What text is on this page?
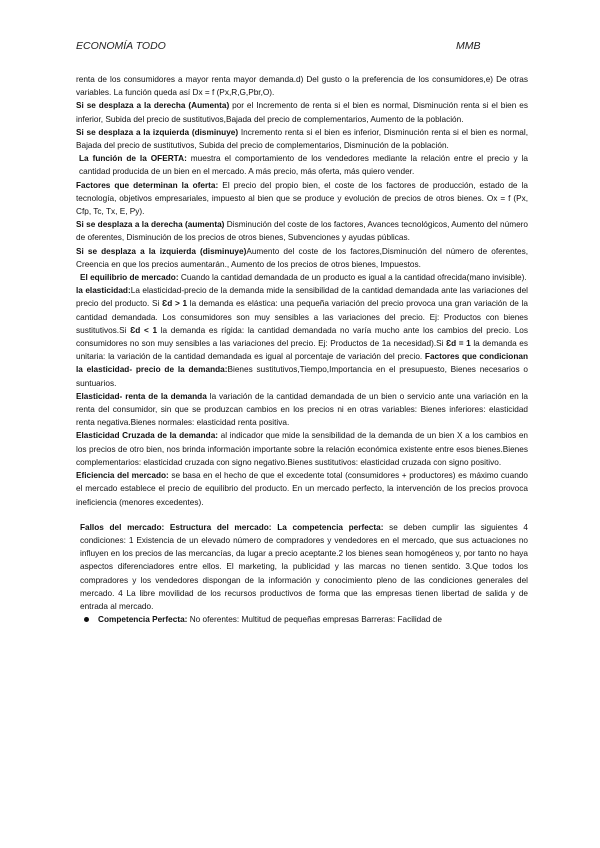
ECONOMÍA TODO	MMB

renta de los consumidores a mayor renta mayor demanda.d) Del gusto o la preferencia de los consumidores,e) De otras variables. La función queda así Dx = f (Px,R,G,Pbr,O).

Si se desplaza a la derecha (Aumenta) por el Incremento de renta si el bien es normal, Disminución renta si el bien es inferior, Subida del precio de sustitutivos,Bajada del precio de complementarios, Aumento de la población.

Si se desplaza a la izquierda (disminuye) Incremento renta si el bien es inferior, Disminución renta si el bien es normal, Bajada del precio de sustitutivos, Subida del precio de complementarios, Disminución de la población.

La función de la OFERTA: muestra el comportamiento de los vendedores mediante la relación entre el precio y la cantidad producida de un bien en el mercado. A más precio, más oferta, más quiero vender.

Factores que determinan la oferta: El precio del propio bien, el coste de los factores de producción, estado de la tecnología, objetivos empresariales, impuesto al bien que se produce y evolución de precios de otros bienes. Ox = f (Px, Cfp, Tc, Tx, E, Py).

Si se desplaza a la derecha (aumenta) Disminución del coste de los factores, Avances tecnológicos, Aumento del número de oferentes, Disminución de los precios de otros bienes, Subvenciones y ayudas públicas.

Si se desplaza a la izquierda (disminuye)Aumento del coste de los factores,Disminución del número de oferentes, Creencia en que los precios aumentarán., Aumento de los precios de otros bienes, Impuestos.

El equilibrio de mercado: Cuando la cantidad demandada de un producto es igual a la cantidad ofrecida(mano invisible).

la elasticidad:La elasticidad-precio de la demanda mide la sensibilidad de la cantidad demandada ante las variaciones del precio del producto. Si Ɛd > 1 la demanda es elástica: una pequeña variación del precio provoca una gran variación de la cantidad demandada. Los consumidores son muy sensibles a las variaciones del precio. Ej: Productos con bienes sustitutivos.Si Ɛd < 1 la demanda es rígida: la cantidad demandada no varía mucho ante los cambios del precio. Los consumidores no son muy sensibles a las variaciones del precio. Ej: Productos de 1a necesidad).Si Ɛd = 1 la demanda es unitaria: la variación de la cantidad demandada es igual al porcentaje de variación del precio. Factores que condicionan la elasticidad- precio de la demanda:Bienes sustitutivos,Tiempo,Importancia en el presupuesto, Bienes necesarios o suntuarios.

Elasticidad- renta de la demanda la variación de la cantidad demandada de un bien o servicio ante una variación en la renta del consumidor, sin que se produzcan cambios en los precios ni en otras variables: Bienes inferiores: elasticidad renta negativa.Bienes normales: elasticidad renta positiva.

Elasticidad Cruzada de la demanda: al indicador que mide la sensibilidad de la demanda de un bien X a los cambios en los precios de otro bien, nos brinda información importante sobre la relación económica existente entre esos bienes.Bienes complementarios: elasticidad cruzada con signo negativo.Bienes sustitutivos: elasticidad cruzada con signo positivo.

Eficiencia del mercado: se basa en el hecho de que el excedente total (consumidores + productores) es máximo cuando el mercado establece el precio de equilibrio del producto. En un mercado perfecto, la intervención de los precios provoca ineficiencia (menores excedentes).

Fallos del mercado: Estructura del mercado: La competencia perfecta: se deben cumplir las siguientes 4 condiciones: 1 Existencia de un elevado número de compradores y vendedores en el mercado, que sus actuaciones no influyen en los precios de las mercancías, da lugar a precio aceptante.2 los bienes sean homogéneos y, por tanto no haya aspectos diferenciadores entre ellos. El marketing, la publicidad y las marcas no tienen sentido. 3.Que todos los compradores y los vendedores dispongan de la información y conocimiento pleno de las condiciones generales del mercado. 4 La libre movilidad de los recursos productivos de forma que las empresas tienen libertad de salida y de entrada al mercado.

Competencia Perfecta: No oferentes: Multitud de pequeñas empresas Barreras: Facilidad de
